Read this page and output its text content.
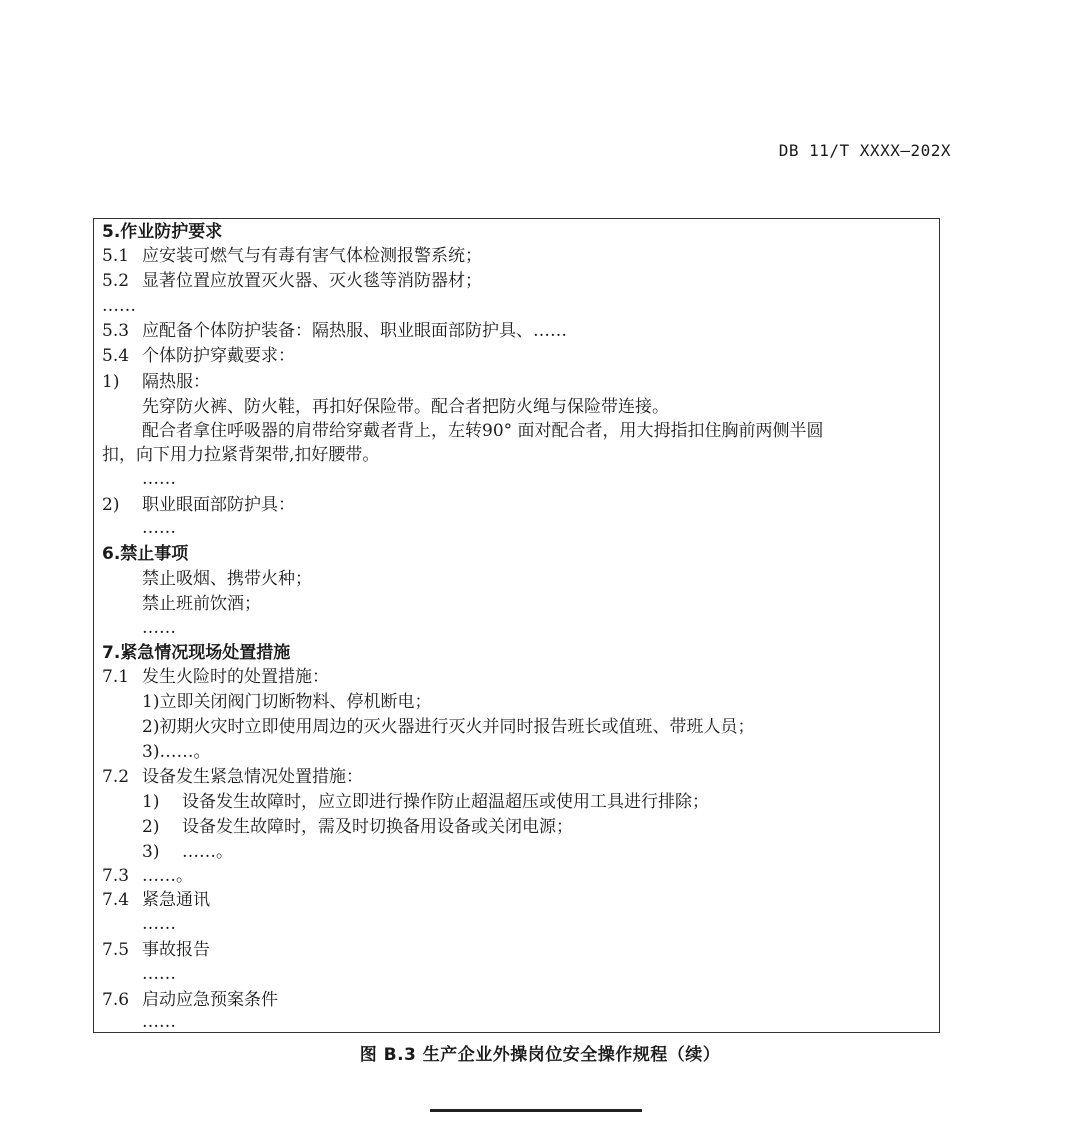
DB 11/T XXXX—202X
5.作业防护要求
5.1 应安装可燃气与有毒有害气体检测报警系统；
5.2 显著位置应放置灭火器、灭火毯等消防器材；
……
5.3 应配备个体防护装备：隔热服、职业眼面部防护具、……
5.4 个体防护穿戴要求：
1) 隔热服：
先穿防火裤、防火鞋，再扣好保险带。配合者把防火绳与保险带连接。
配合者拿住呼吸器的肩带给穿戴者背上，左转90° 面对配合者，用大拇指扣住胸前两侧半圆
扣，向下用力拉紧背架带,扣好腰带。
……
2) 职业眼面部防护具：
……
6.禁止事项
禁止吸烟、携带火种；
禁止班前饮酒；
……
7.紧急情况现场处置措施
7.1 发生火险时的处置措施：
1)立即关闭阀门切断物料、停机断电；
2)初期火灾时立即使用周边的灭火器进行灭火并同时报告班长或值班、带班人员；
3)……。
7.2 设备发生紧急情况处置措施：
1) 设备发生故障时，应立即进行操作防止超温超压或使用工具进行排除；
2) 设备发生故障时，需及时切换备用设备或关闭电源；
3) ……。
7.3 ……。
7.4 紧急通讯
……
7.5 事故报告
……
7.6 启动应急预案条件
……
图 B.3 生产企业外操岗位安全操作规程（续）
